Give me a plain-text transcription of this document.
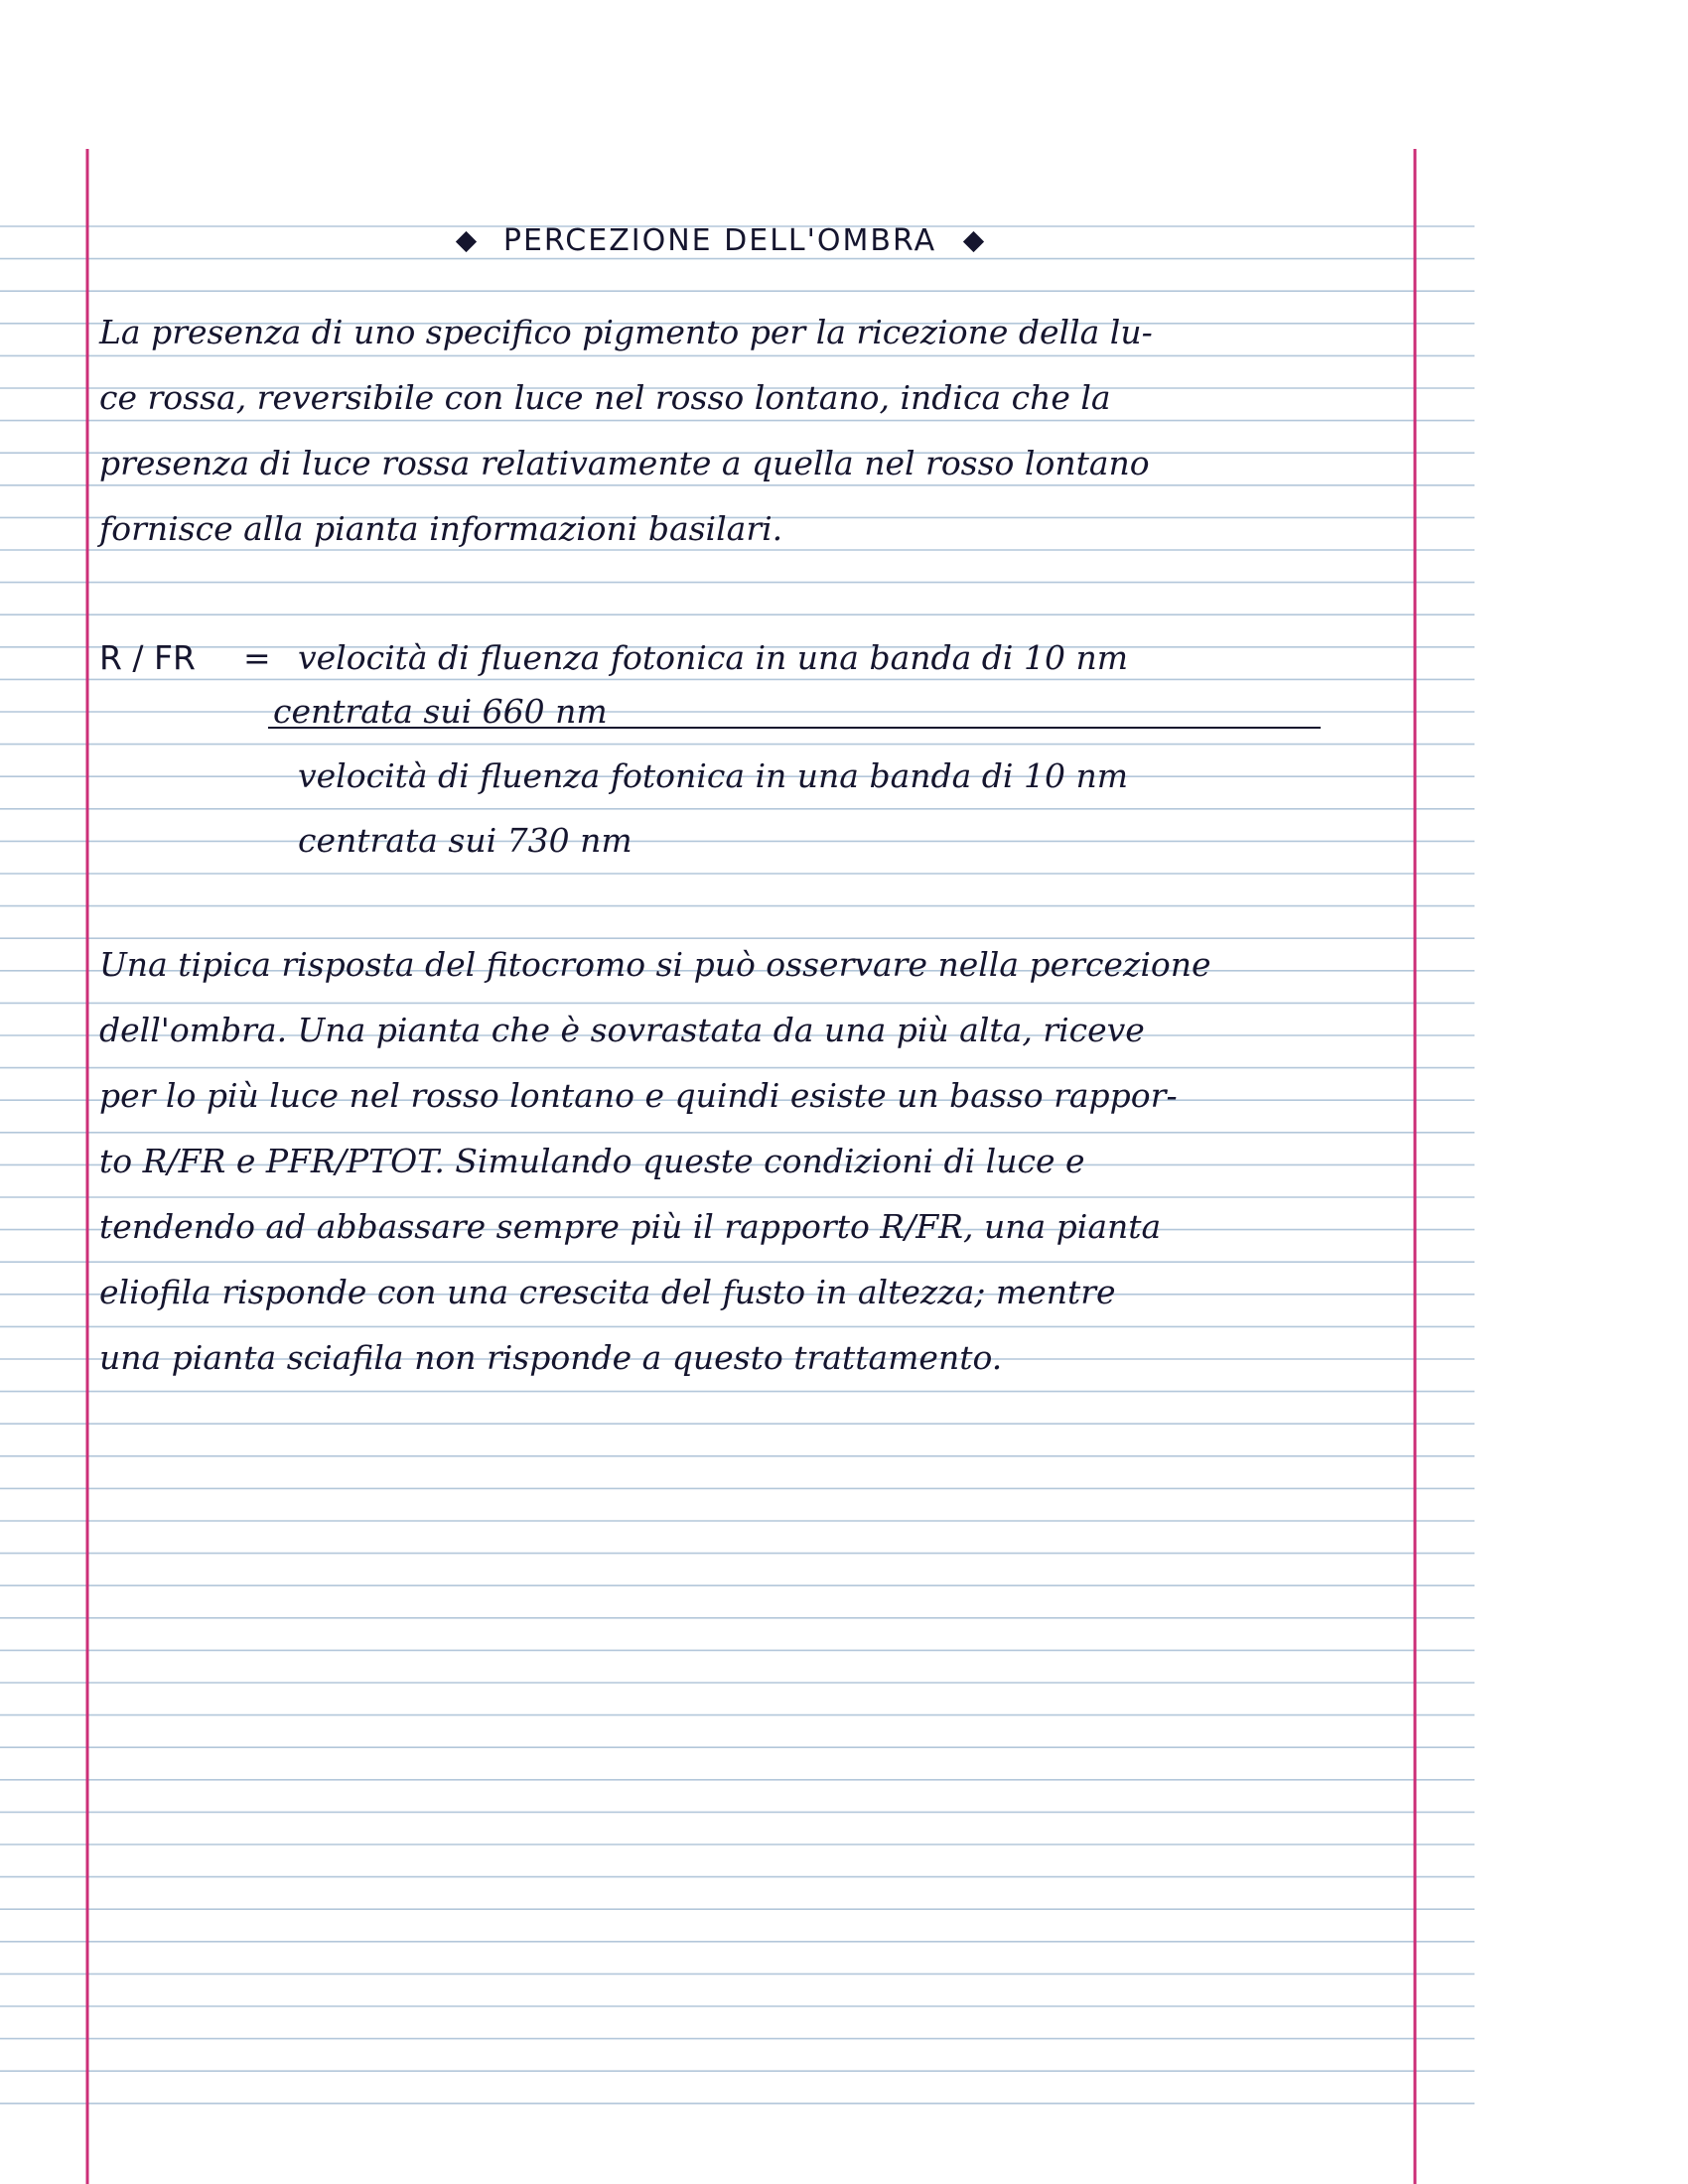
PERCEZIONE DELL'OMBRA
La presenza di uno specifico pigmento per la ricezione della lu-
ce rossa, reversibile con luce nel rosso lontano, indica che la
presenza di luce rossa relativamente a quella nel rosso lontano
fornisce alla pianta informazioni basilari.
R / FR = velocità di fluenza fotonica in una banda di 10 nm
centrata sui 660 nm
velocità di fluenza fotonica in una banda di 10 nm
centrata sui 730 nm
Una tipica risposta del fitocromo si può osservare nella percezione
dell'ombra. Una pianta che è sovrastata da una più alta, riceve
per lo più luce nel rosso lontano e quindi esiste un basso rappor-
to R/FR e PFR/PTOT. Simulando queste condizioni di luce e
tendendo ad abbassare sempre più il rapporto R/FR, una pianta
eliofila risponde con una crescita del fusto in altezza; mentre
una pianta sciafila non risponde a questo trattamento.
